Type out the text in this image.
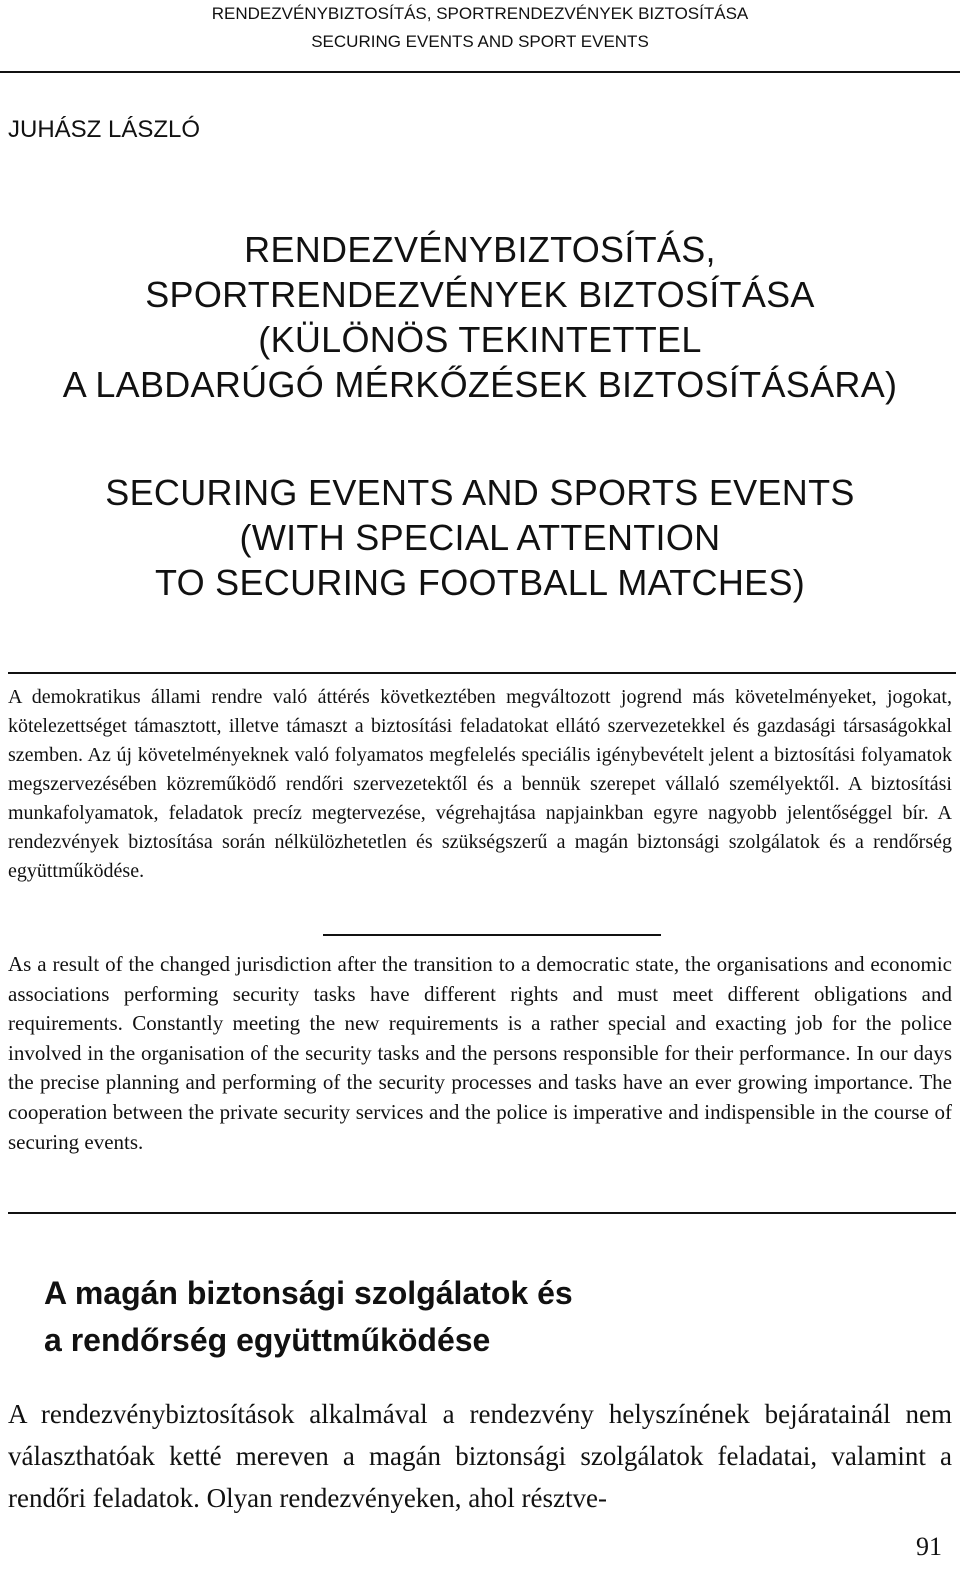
RENDEZVÉNYBIZTOSÍTÁS, SPORTRENDEZVÉNYEK BIZTOSÍTÁSA
SECURING EVENTS AND SPORT EVENTS
JUHÁSZ LÁSZLÓ
RENDEZVÉNYBIZTOSÍTÁS,
SPORTRENDEZVÉNYEK BIZTOSÍTÁSA
(KÜLÖNÖS TEKINTETTEL
A LABDARÚGÓ MÉRKŐZÉSEK BIZTOSÍTÁSÁRA)
SECURING EVENTS AND SPORTS EVENTS
(WITH SPECIAL ATTENTION
TO SECURING FOOTBALL MATCHES)
A demokratikus állami rendre való áttérés következtében megváltozott jogrend más követelményeket, jogokat, kötelezettséget támasztott, illetve támaszt a biztosítási feladatokat ellátó szervezetekkel és gazdasági társaságokkal szemben. Az új követelményeknek való folyamatos megfelelés speciális igénybevételt jelent a biztosítási folyamatok megszervezésében közreműködő rendőri szervezetektől és a bennük szerepet vállaló személyektől. A biztosítási munkafolyamatok, feladatok precíz megtervezése, végrehajtása napjainkban egyre nagyobb jelentőséggel bír. A rendezvények biztosítása során nélkülözhetetlen és szükségszerű a magán biztonsági szolgálatok és a rendőrség együttműködése.
As a result of the changed jurisdiction after the transition to a democratic state, the organisations and economic associations performing security tasks have different rights and must meet different obligations and requirements. Constantly meeting the new requirements is a rather special and exacting job for the police involved in the organisation of the security tasks and the persons responsible for their performance. In our days the precise planning and performing of the security processes and tasks have an ever growing importance. The cooperation between the private security services and the police is imperative and indispensible in the course of securing events.
A magán biztonsági szolgálatok és
a rendőrség együttműködése
A rendezvénybiztosítások alkalmával a rendezvény helyszínének bejáratainál nem választhatóak ketté mereven a magán biztonsági szolgálatok feladatai, valamint a rendőri feladatok. Olyan rendezvényeken, ahol résztve-
91
